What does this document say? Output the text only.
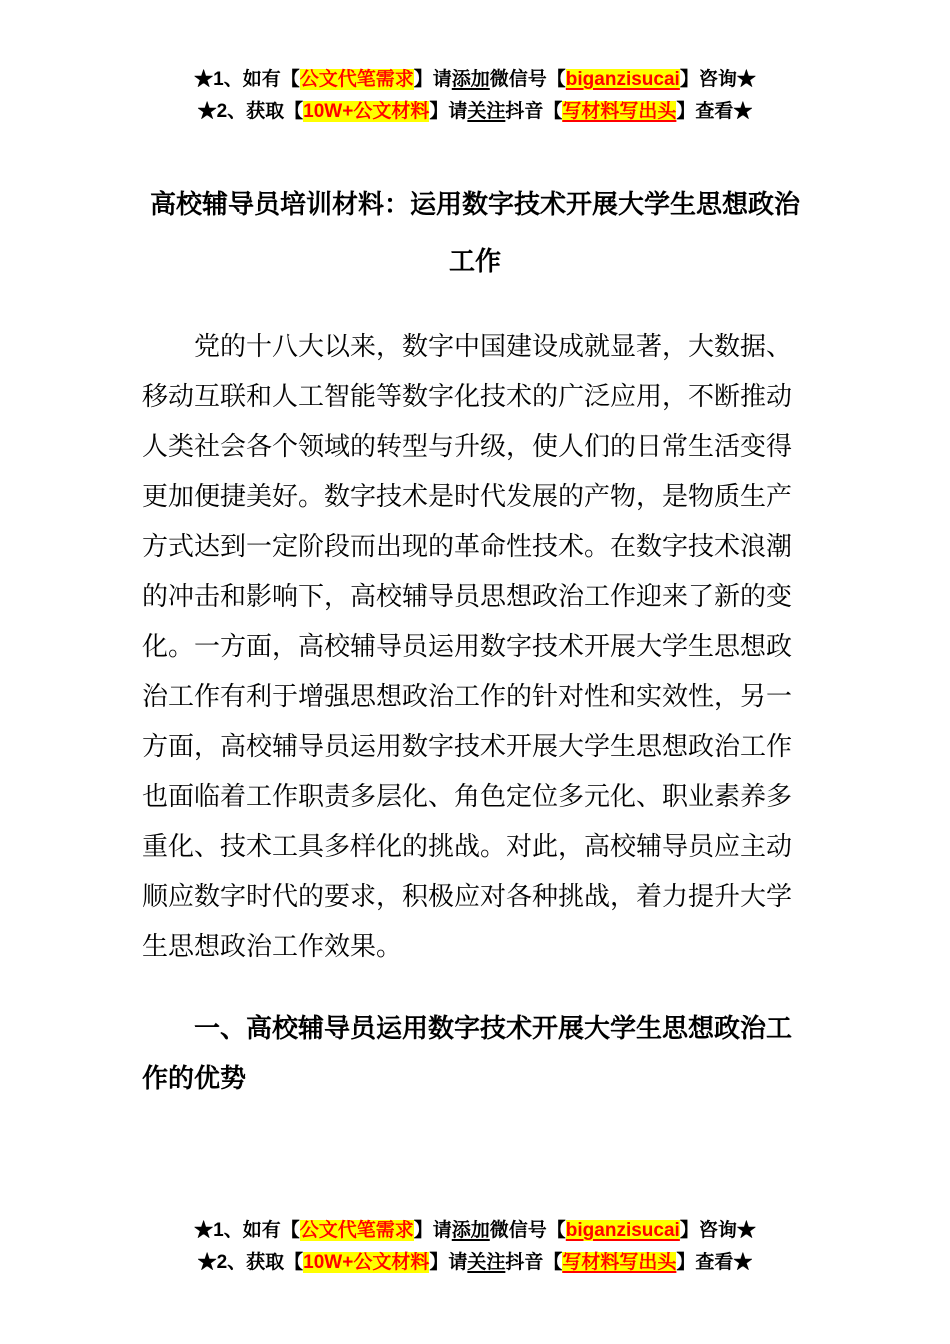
★1、如有【公文代笔需求】请添加微信号【biganzisucai】咨询★
★2、获取【10W+公文材料】请关注抖音【写材料写出头】查看★
高校辅导员培训材料：运用数字技术开展大学生思想政治工作

党的十八大以来，数字中国建设成就显著，大数据、移动互联和人工智能等数字化技术的广泛应用，不断推动人类社会各个领域的转型与升级，使人们的日常生活变得更加便捷美好。数字技术是时代发展的产物，是物质生产方式达到一定阶段而出现的革命性技术。在数字技术浪潮的冲击和影响下，高校辅导员思想政治工作迎来了新的变化。一方面，高校辅导员运用数字技术开展大学生思想政治工作有利于增强思想政治工作的针对性和实效性，另一方面，高校辅导员运用数字技术开展大学生思想政治工作也面临着工作职责多层化、角色定位多元化、职业素养多重化、技术工具多样化的挑战。对此，高校辅导员应主动顺应数字时代的要求，积极应对各种挑战，着力提升大学生思想政治工作效果。

一、高校辅导员运用数字技术开展大学生思想政治工作的优势
★1、如有【公文代笔需求】请添加微信号【biganzisucai】咨询★
★2、获取【10W+公文材料】请关注抖音【写材料写出头】查看★
